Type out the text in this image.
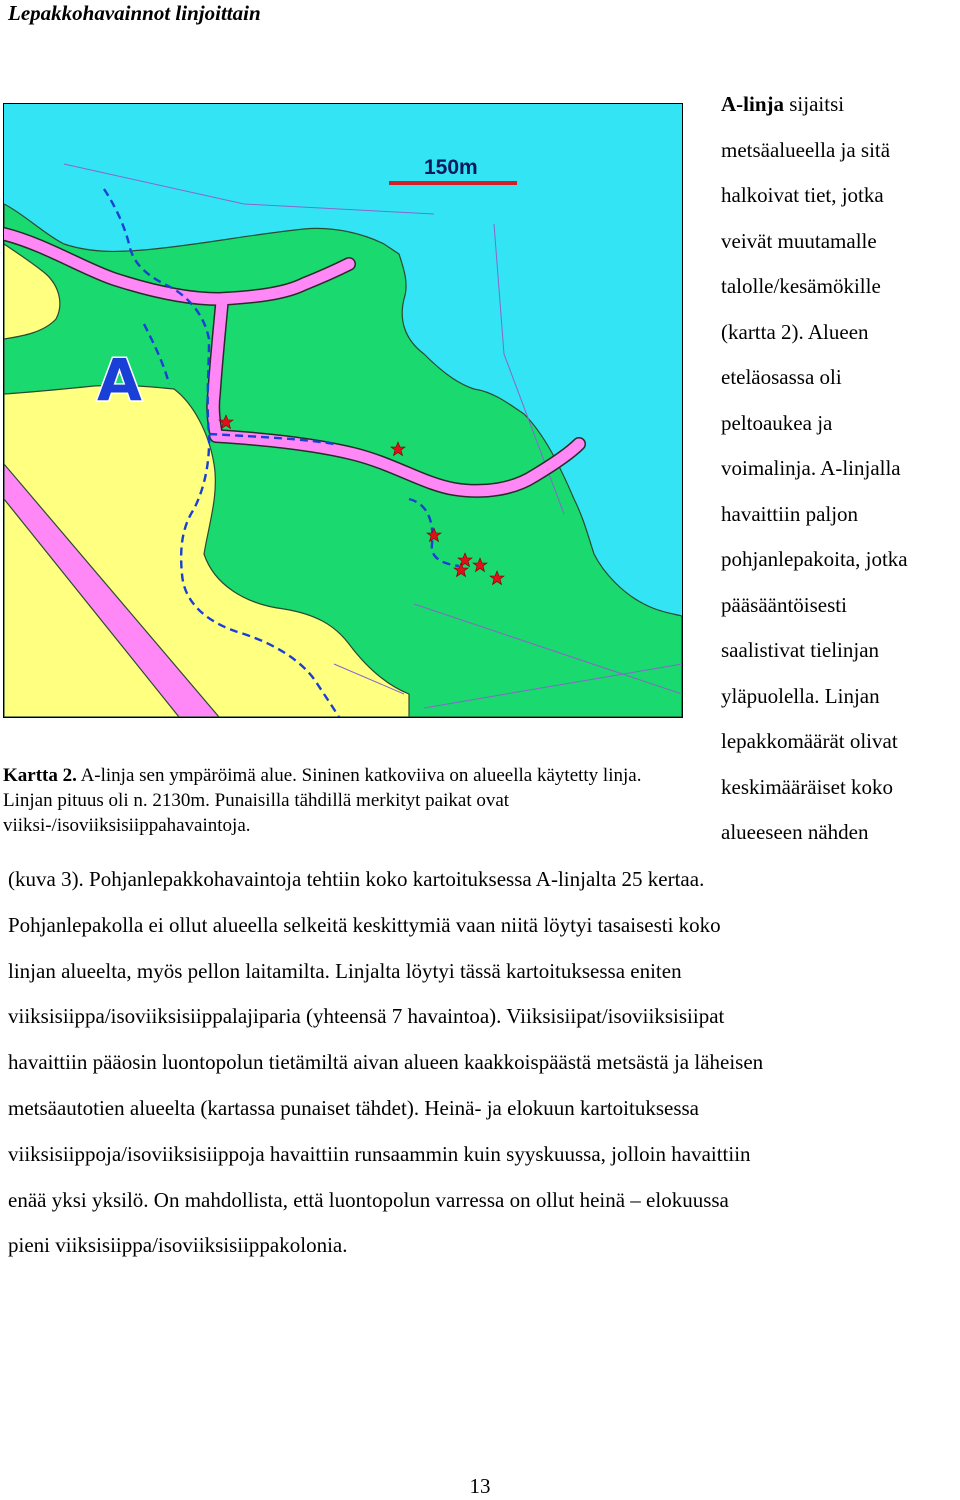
Lepakkohavainnot linjoittain
150m
A
Kartta 2. A-linja sen ympäröimä alue. Sininen katkoviiva on alueella käytetty linja. Linjan pituus oli n. 2130m. Punaisilla tähdillä merkityt paikat ovat viiksi-/isoviiksisiippahavaintoja.
A-linja sijaitsi
metsäalueella ja sitä
halkoivat tiet, jotka
veivät muutamalle
talolle/kesämökille
(kartta 2). Alueen
eteläosassa oli
peltoaukea ja
voimalinja. A-linjalla
havaittiin paljon
pohjanlepakoita, jotka
pääsääntöisesti
saalistivat tielinjan
yläpuolella. Linjan
lepakkomäärät olivat
keskimääräiset koko
alueeseen nähden
(kuva 3). Pohjanlepakkohavaintoja tehtiin koko kartoituksessa A-linjalta 25 kertaa.
Pohjanlepakolla ei ollut alueella selkeitä keskittymiä vaan niitä löytyi tasaisesti koko
linjan alueelta, myös pellon laitamilta. Linjalta löytyi tässä kartoituksessa eniten
viiksisiippa/isoviiksisiippalajiparia (yhteensä 7 havaintoa). Viiksisiipat/isoviiksisiipat
havaittiin pääosin luontopolun tietämiltä aivan alueen kaakkoispäästä metsästä ja läheisen
metsäautotien alueelta (kartassa punaiset tähdet). Heinä- ja elokuun kartoituksessa
viiksisiippoja/isoviiksisiippoja havaittiin runsaammin kuin syyskuussa, jolloin havaittiin
enää yksi yksilö. On mahdollista, että luontopolun varressa on ollut heinä – elokuussa
pieni viiksisiippa/isoviiksisiippakolonia.
13
